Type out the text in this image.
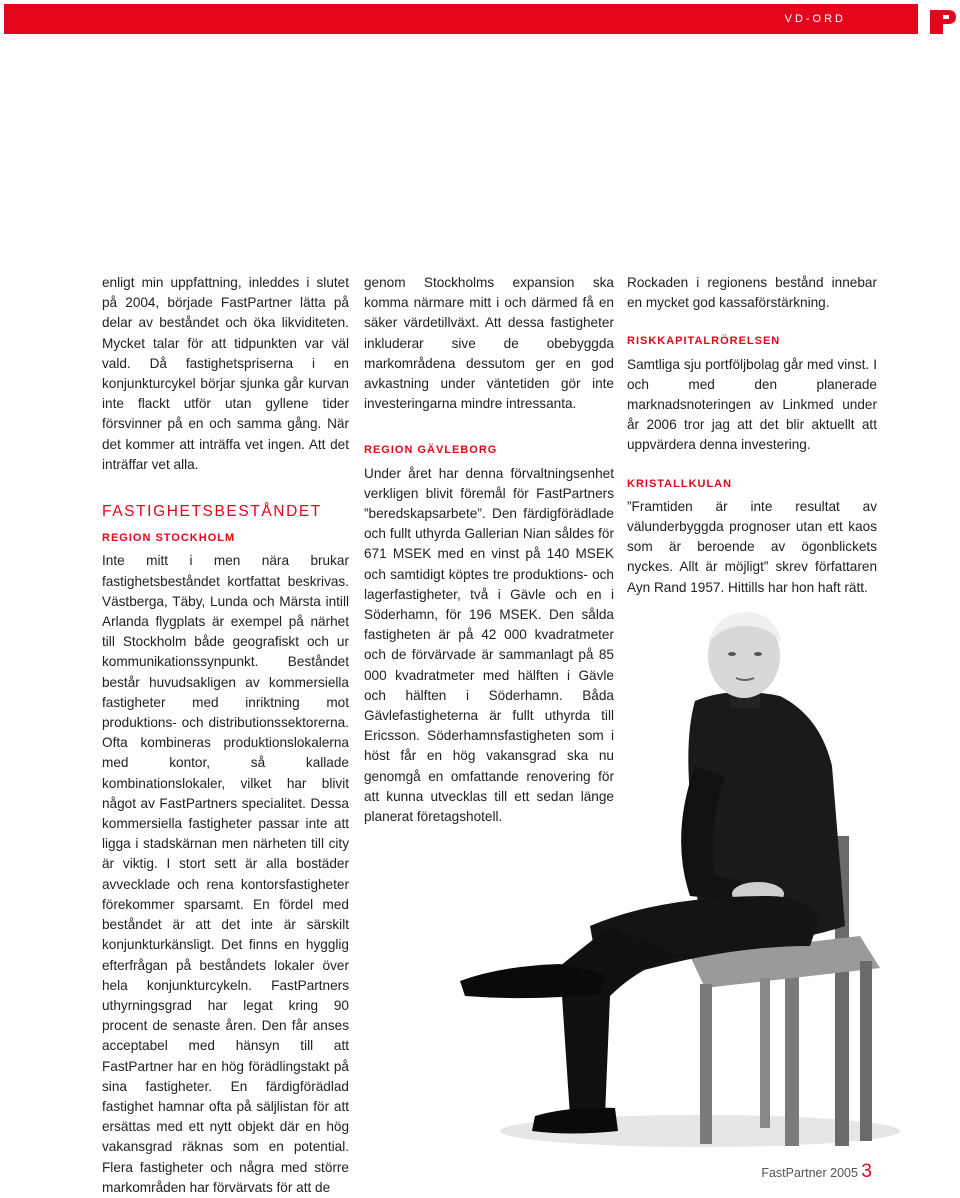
VD-ORD

enligt min uppfattning, inleddes i slutet på 2004, började FastPartner lätta på delar av beståndet och öka likviditeten. Mycket talar för att tidpunkten var väl vald. Då fastighetspriserna i en konjunkturcykel börjar sjunka går kurvan inte flackt utför utan gyllene tider försvinner på en och samma gång. När det kommer att inträffa vet ingen. Att det inträffar vet alla.

FASTIGHETSBESTÅNDET
REGION STOCKHOLM

Inte mitt i men nära brukar fastighetsbeståndet kortfattat beskrivas. Västberga, Täby, Lunda och Märsta intill Arlanda flygplats är exempel på närhet till Stockholm både geografiskt och ur kommunikationssynpunkt. Beståndet består huvudsakligen av kommersiella fastigheter med inriktning mot produktions- och distributionssektorerna. Ofta kombineras produktionslokalerna med kontor, så kallade kombinationslokaler, vilket har blivit något av FastPartners specialitet. Dessa kommersiella fastigheter passar inte att ligga i stadskärnan men närheten till city är viktig. I stort sett är alla bostäder avvecklade och rena kontorsfastigheter förekommer sparsamt. En fördel med beståndet är att det inte är särskilt konjunkturkänsligt. Det finns en hygglig efterfrågan på beståndets lokaler över hela konjunkturcykeln. FastPartners uthyrningsgrad har legat kring 90 procent de senaste åren. Den får anses acceptabel med hänsyn till att FastPartner har en hög förädlingstakt på sina fastigheter. En färdigförädlad fastighet hamnar ofta på säljlistan för att ersättas med ett nytt objekt där en hög vakansgrad räknas som en potential. Flera fastigheter och några med större markområden har förvärvats för att de

genom Stockholms expansion ska komma närmare mitt i och därmed få en säker värdetillväxt. Att dessa fastigheter inkluderar sive de obebyggda markområdena dessutom ger en god avkastning under väntetiden gör inte investeringarna mindre intressanta.

REGION GÄVLEBORG

Under året har denna förvaltningsenhet verkligen blivit föremål för FastPartners ”beredskapsarbete”. Den färdigförädlade och fullt uthyrda Gallerian Nian såldes för 671 MSEK med en vinst på 140 MSEK och samtidigt köptes tre produktions- och lagerfastigheter, två i Gävle och en i Söderhamn, för 196 MSEK. Den sålda fastigheten är på 42 000 kvadratmeter och de förvärvade är sammanlagt på 85 000 kvadratmeter med hälften i Gävle och hälften i Söderhamn. Båda Gävlefastigheterna är fullt uthyrda till Ericsson. Söderhamnsfastigheten som i höst får en hög vakansgrad ska nu genomgå en omfattande renovering för att kunna utvecklas till ett sedan länge planerat företagshotell.

Rockaden i regionens bestånd innebar en mycket god kassaförstärkning.

RISKKAPITALRÖRELSEN

Samtliga sju portföljbolag går med vinst. I och med den planerade marknadsnoteringen av Linkmed under år 2006 tror jag att det blir aktuellt att uppvärdera denna investering.

KRISTALLKULAN

”Framtiden är inte resultat av välunderbyggda prognoser utan ett kaos som är beroende av ögonblickets nyckes. Allt är möjligt” skrev författaren Ayn Rand 1957. Hittills har hon haft rätt.

FastPartner 2005 3
